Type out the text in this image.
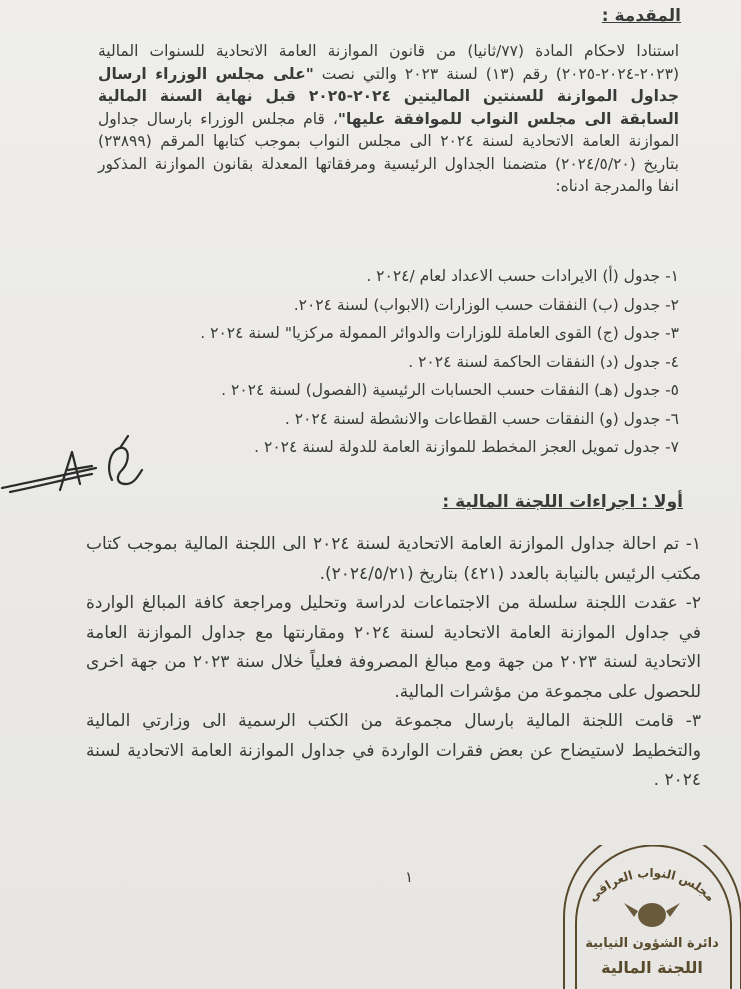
المقدمة :

استنادا لاحكام المادة (٧٧/ثانيا) من قانون الموازنة العامة الاتحادية للسنوات المالية (٢٠٢٣-٢٠٢٤-٢٠٢٥) رقم (١٣) لسنة ٢٠٢٣ والتي نصت "على مجلس الوزراء ارسال جداول الموازنة للسنتين الماليتين ٢٠٢٤-٢٠٢٥ قبل نهاية السنة المالية السابقة الى مجلس النواب للموافقة عليها"، قام مجلس الوزراء بارسال جداول الموازنة العامة الاتحادية لسنة ٢٠٢٤ الى مجلس النواب بموجب كتابها المرقم (٢٣٨٩٩) بتاريخ (٢٠٢٤/٥/٢٠) متضمنا الجداول الرئيسية ومرفقاتها المعدلة بقانون الموازنة المذكور انفا والمدرجة ادناه:

١- جدول (أ) الايرادات حسب الاعداد لعام /٢٠٢٤ .
٢- جدول (ب) النفقات حسب الوزارات (الابواب) لسنة ٢٠٢٤.
٣- جدول (ج) القوى العاملة للوزارات والدوائر الممولة مركزيا" لسنة ٢٠٢٤ .
٤- جدول (د) النفقات الحاكمة لسنة ٢٠٢٤ .
٥- جدول (هـ) النفقات حسب الحسابات الرئيسية (الفصول) لسنة ٢٠٢٤ .
٦- جدول (و) النفقات حسب القطاعات والانشطة لسنة ٢٠٢٤ .
٧- جدول تمويل العجز المخطط للموازنة العامة للدولة لسنة ٢٠٢٤ .
أولا : اجراءات اللجنة المالية :
١- تم احالة جداول الموازنة العامة الاتحادية لسنة ٢٠٢٤ الى اللجنة المالية بموجب كتاب مكتب الرئيس بالنيابة بالعدد (٤٢١) بتاريخ (٢٠٢٤/٥/٢١).
٢- عقدت اللجنة سلسلة من الاجتماعات لدراسة وتحليل ومراجعة كافة المبالغ الواردة في جداول الموازنة العامة الاتحادية لسنة ٢٠٢٤ ومقارنتها مع جداول الموازنة العامة الاتحادية لسنة ٢٠٢٣ من جهة ومع مبالغ المصروفة فعلياً خلال سنة ٢٠٢٣ من جهة اخرى للحصول على مجموعة من مؤشرات المالية.
٣- قامت اللجنة المالية بارسال مجموعة من الكتب الرسمية الى وزارتي المالية والتخطيط لاستيضاح عن بعض فقرات الواردة في جداول الموازنة العامة الاتحادية لسنة ٢٠٢٤ .
١
مجلس النواب العراقي
دائرة الشؤون النيابية
اللجنة المالية
